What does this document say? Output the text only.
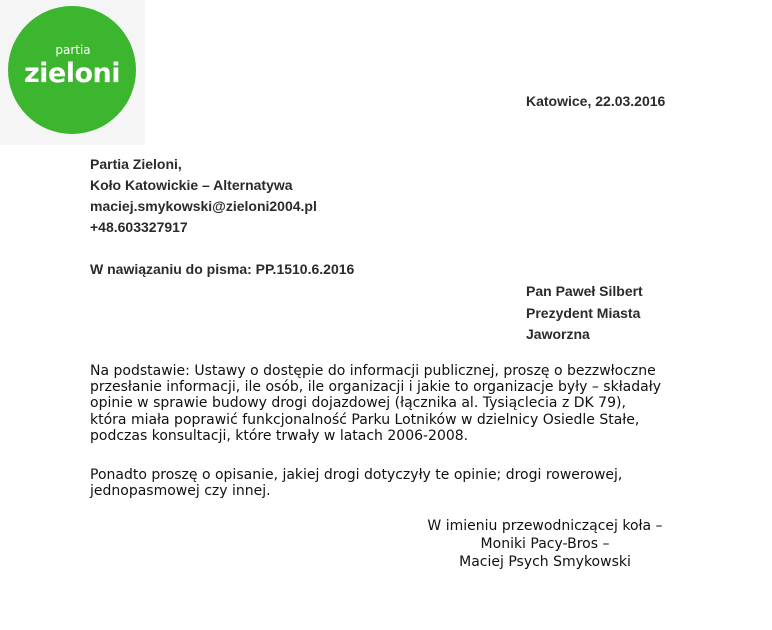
partia
zieloni
Katowice, 22.03.2016
Partia Zieloni,
Koło Katowickie – Alternatywa
maciej.smykowski@zieloni2004.pl
+48.603327917
W nawiązaniu do pisma: PP.1510.6.2016
Pan Paweł Silbert
Prezydent Miasta
Jaworzna
Na podstawie: Ustawy o dostępie do informacji publicznej, proszę o bezzwłoczne
przesłanie informacji, ile osób, ile organizacji i jakie to organizacje były – składały
opinie w sprawie budowy drogi dojazdowej (łącznika al. Tysiąclecia z DK 79),
która miała poprawić funkcjonalność Parku Lotników w dzielnicy Osiedle Stałe,
podczas konsultacji, które trwały w latach 2006-2008.
Ponadto proszę o opisanie, jakiej drogi dotyczyły te opinie; drogi rowerowej,
jednopasmowej czy innej.
W imieniu przewodniczącej koła –
Moniki Pacy-Bros –
Maciej Psych Smykowski
